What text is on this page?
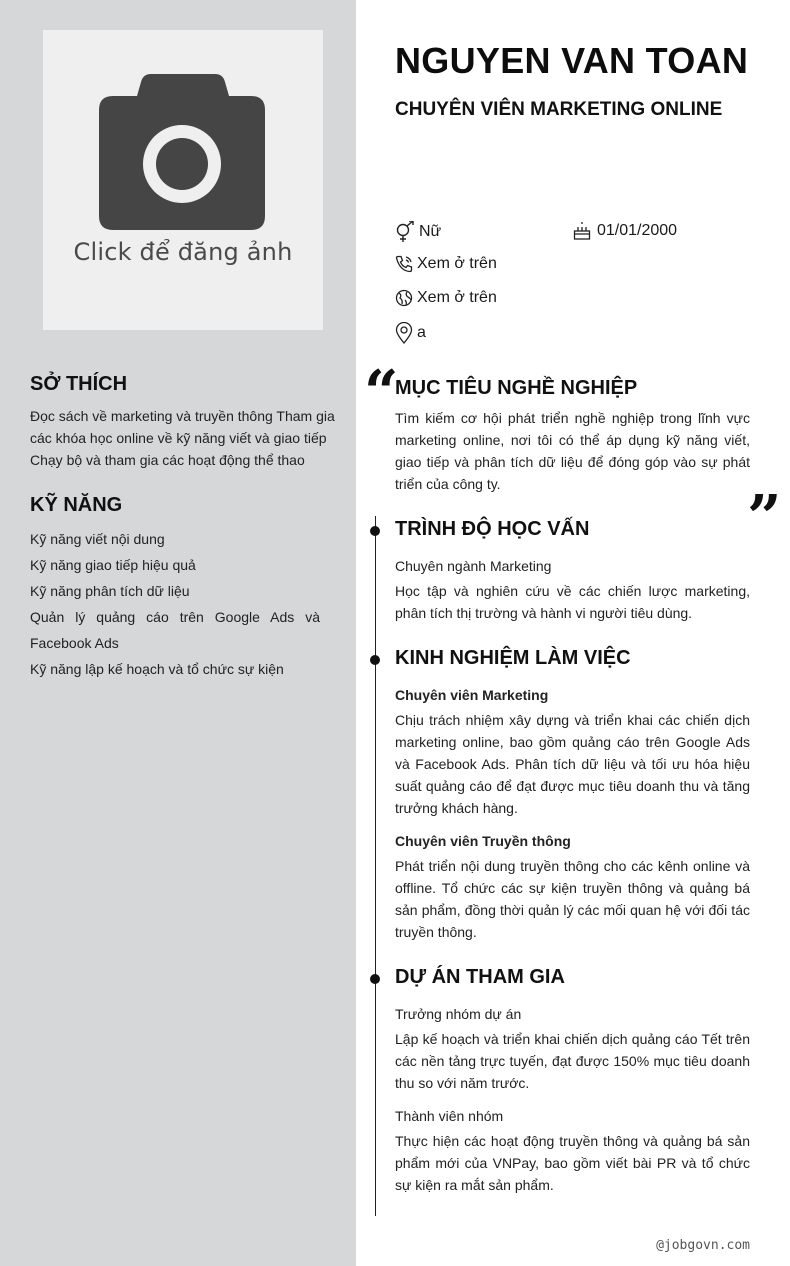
Click để đăng ảnh
SỞ THÍCH

Đọc sách về marketing và truyền thông Tham gia các khóa học online về kỹ năng viết và giao tiếp Chạy bộ và tham gia các hoạt động thể thao

KỸ NĂNG
Kỹ năng viết nội dung
Kỹ năng giao tiếp hiệu quả
Kỹ năng phân tích dữ liệu
Quản lý quảng cáo trên Google Ads và Facebook Ads
Kỹ năng lập kế hoạch và tổ chức sự kiện
NGUYEN VAN TOAN
CHUYÊN VIÊN MARKETING ONLINE
Nữ	01/01/2000
Xem ở trên
Xem ở trên
a
“
”
MỤC TIÊU NGHỀ NGHIỆP

Tìm kiếm cơ hội phát triển nghề nghiệp trong lĩnh vực marketing online, nơi tôi có thể áp dụng kỹ năng viết, giao tiếp và phân tích dữ liệu để đóng góp vào sự phát triển của công ty.

TRÌNH ĐỘ HỌC VẤN

Chuyên ngành Marketing

Học tập và nghiên cứu về các chiến lược marketing, phân tích thị trường và hành vi người tiêu dùng.

KINH NGHIỆM LÀM VIỆC

Chuyên viên Marketing

Chịu trách nhiệm xây dựng và triển khai các chiến dịch marketing online, bao gồm quảng cáo trên Google Ads và Facebook Ads. Phân tích dữ liệu và tối ưu hóa hiệu suất quảng cáo để đạt được mục tiêu doanh thu và tăng trưởng khách hàng.

Chuyên viên Truyền thông

Phát triển nội dung truyền thông cho các kênh online và offline. Tổ chức các sự kiện truyền thông và quảng bá sản phẩm, đồng thời quản lý các mối quan hệ với đối tác truyền thông.

DỰ ÁN THAM GIA

Trưởng nhóm dự án

Lập kế hoạch và triển khai chiến dịch quảng cáo Tết trên các nền tảng trực tuyến, đạt được 150% mục tiêu doanh thu so với năm trước.

Thành viên nhóm

Thực hiện các hoạt động truyền thông và quảng bá sản phẩm mới của VNPay, bao gồm viết bài PR và tổ chức sự kiện ra mắt sản phẩm.

@jobgovn.com
